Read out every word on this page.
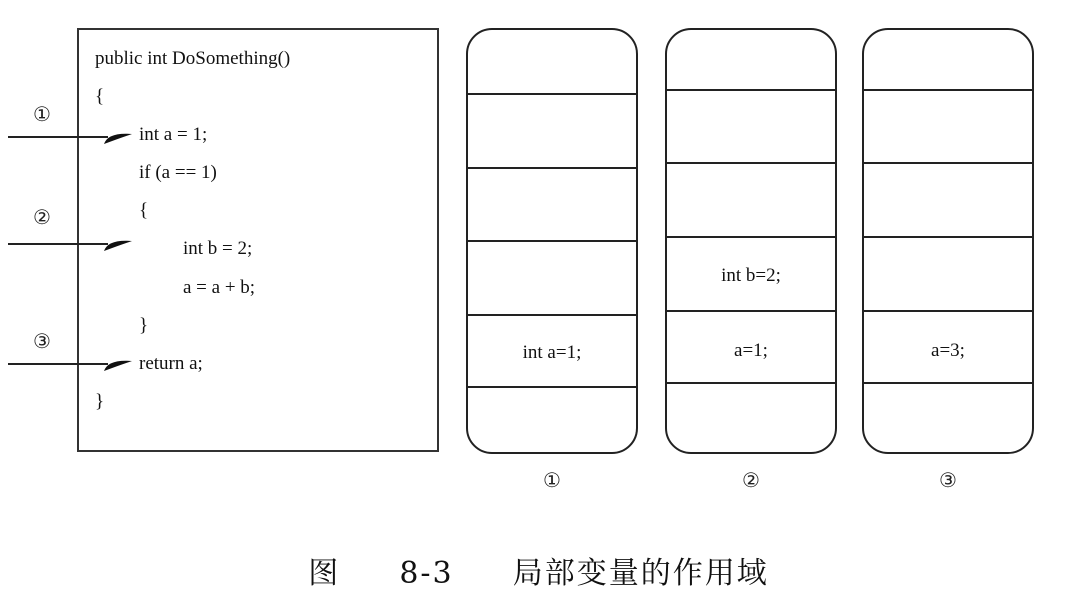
public int DoSomething()
{
int a = 1;
if (a == 1)
{
int b = 2;
a = a + b;
}
return a;
}
①
②
③	int a=1;
①
int b=2;
a=1;
②
a=3;
③
图  8-3  局部变量的作用域
